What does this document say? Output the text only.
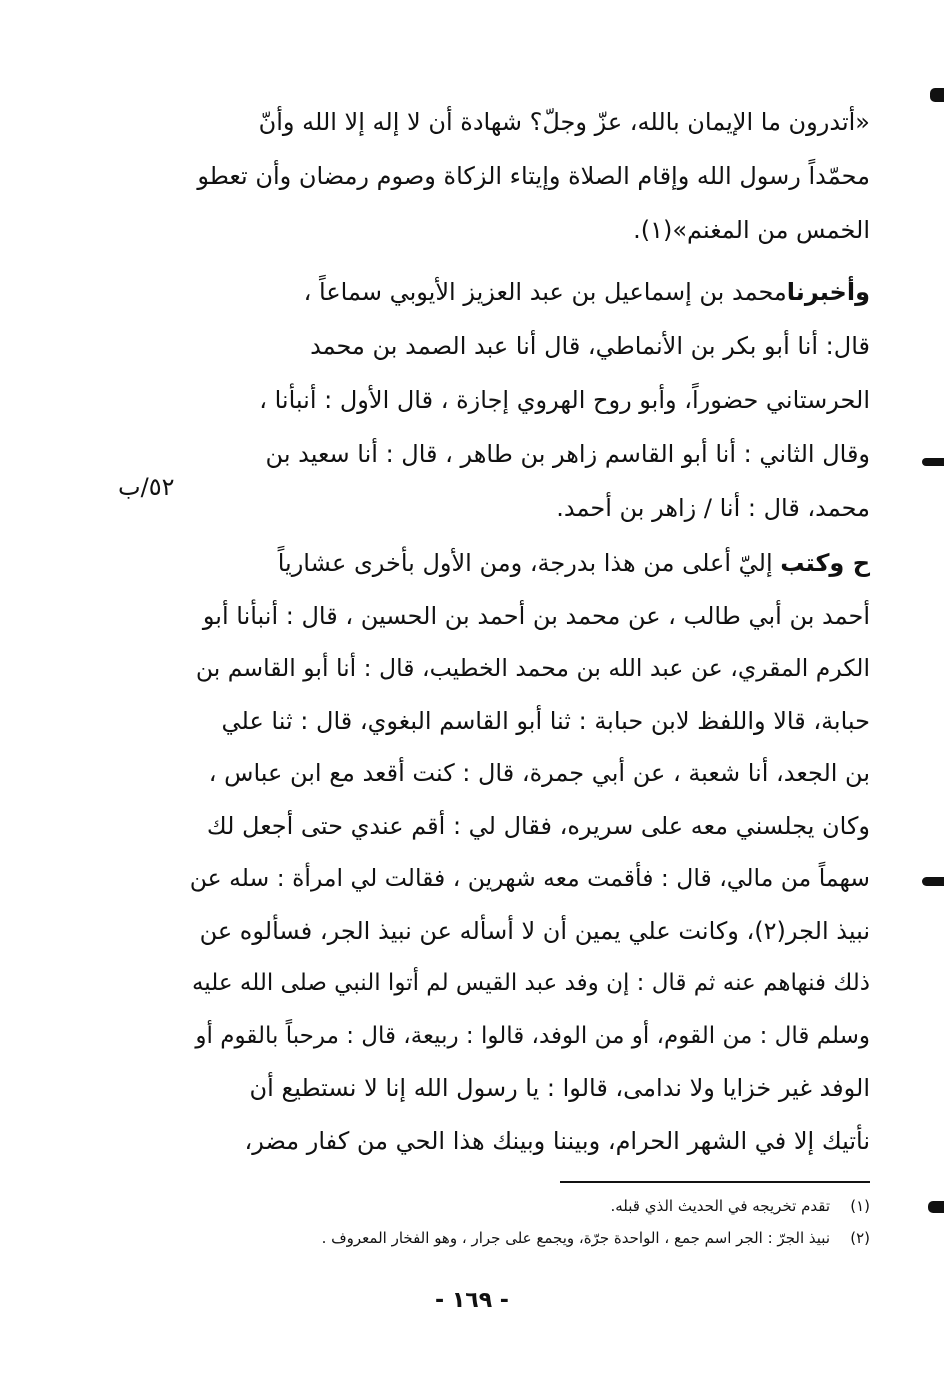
«أتدرون ما الإيمان بالله، عزّ وجلّ؟ شهادة أن لا إله إلا الله وأنّ
محمّداً رسول الله وإقام الصلاة وإيتاء الزكاة وصوم رمضان وأن تعطو
الخمس من المغنم»(١).
وأخبرنامحمد بن إسماعيل بن عبد العزيز الأيوبي سماعاً ،
قال: أنا أبو بكر بن الأنماطي، قال أنا عبد الصمد بن محمد
الحرستاني حضوراً، وأبو روح الهروي إجازة ، قال الأول : أنبأنا ،
وقال الثاني : أنا أبو القاسم زاهر بن طاهر ، قال : أنا سعيد بن
محمد، قال : أنا / زاهر بن أحمد.
٥٢/ب
ح وكتب إليّ أعلى من هذا بدرجة، ومن الأول بأخرى عشارياً
أحمد بن أبي طالب ، عن محمد بن أحمد بن الحسين ، قال : أنبأنا أبو
الكرم المقري، عن عبد الله بن محمد الخطيب، قال : أنا أبو القاسم بن
حبابة، قالا واللفظ لابن حبابة : ثنا أبو القاسم البغوي، قال : ثنا علي
بن الجعد، أنا شعبة ، عن أبي جمرة، قال : كنت أقعد مع ابن عباس ،
وكان يجلسني معه على سريره، فقال لي : أقم عندي حتى أجعل لك
سهماً من مالي، قال : فأقمت معه شهرين ، فقالت لي امرأة : سله عن
نبيذ الجر(٢)، وكانت علي يمين أن لا أسأله عن نبيذ الجر، فسألوه عن
ذلك فنهاهم عنه ثم قال : إن وفد عبد القيس لم أتوا النبي صلى الله عليه
وسلم قال : من القوم، أو من الوفد، قالوا : ربيعة، قال : مرحباً بالقوم أو
الوفد غير خزايا ولا ندامى، قالوا : يا رسول الله إنا لا نستطيع أن
نأتيك إلا في الشهر الحرام، وبيننا وبينك هذا الحي من كفار مضر،
(١)تقدم تخريجه في الحديث الذي قبله.
(٢)نبيذ الجرّ : الجر اسم جمع ، الواحدة جرّة، ويجمع على جرار ، وهو الفخار المعروف .
- ١٦٩ -
